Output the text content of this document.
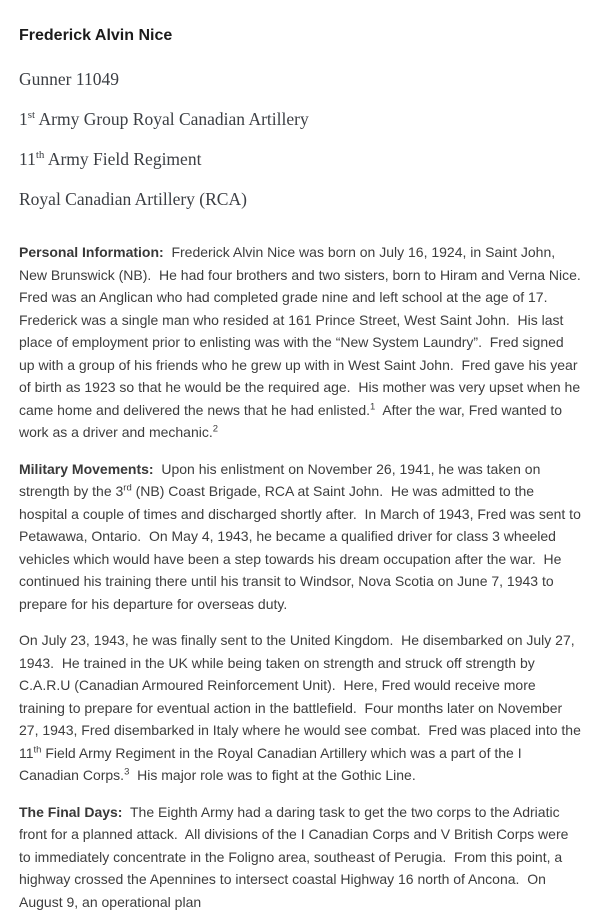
Frederick Alvin Nice

Gunner 11049

1st Army Group Royal Canadian Artillery

11th Army Field Regiment

Royal Canadian Artillery (RCA)

Personal Information:  Frederick Alvin Nice was born on July 16, 1924, in Saint John, New Brunswick (NB).  He had four brothers and two sisters, born to Hiram and Verna Nice.  Fred was an Anglican who had completed grade nine and left school at the age of 17.  Frederick was a single man who resided at 161 Prince Street, West Saint John.  His last place of employment prior to enlisting was with the “New System Laundry”.  Fred signed up with a group of his friends who he grew up with in West Saint John.  Fred gave his year of birth as 1923 so that he would be the required age.  His mother was very upset when he came home and delivered the news that he had enlisted.$^1$  After the war, Fred wanted to work as a driver and mechanic.$^2$

Military Movements:  Upon his enlistment on November 26, 1941, he was taken on strength by the 3rd (NB) Coast Brigade, RCA at Saint John.  He was admitted to the hospital a couple of times and discharged shortly after.  In March of 1943, Fred was sent to Petawawa, Ontario.  On May 4, 1943, he became a qualified driver for class 3 wheeled vehicles which would have been a step towards his dream occupation after the war.  He continued his training there until his transit to Windsor, Nova Scotia on June 7, 1943 to prepare for his departure for overseas duty.

On July 23, 1943, he was finally sent to the United Kingdom.  He disembarked on July 27, 1943.  He trained in the UK while being taken on strength and struck off strength by C.A.R.U (Canadian Armoured Reinforcement Unit).  Here, Fred would receive more training to prepare for eventual action in the battlefield.  Four months later on November 27, 1943, Fred disembarked in Italy where he would see combat.  Fred was placed into the 11th Field Army Regiment in the Royal Canadian Artillery which was a part of the I Canadian Corps.$^3$  His major role was to fight at the Gothic Line.

The Final Days:  The Eighth Army had a daring task to get the two corps to the Adriatic front for a planned attack.  All divisions of the I Canadian Corps and V British Corps were to immediately concentrate in the Foligno area, southeast of Perugia.  From this point, a highway crossed the Apennines to intersect coastal Highway 16 north of Ancona.  On August 9, an operational plan
